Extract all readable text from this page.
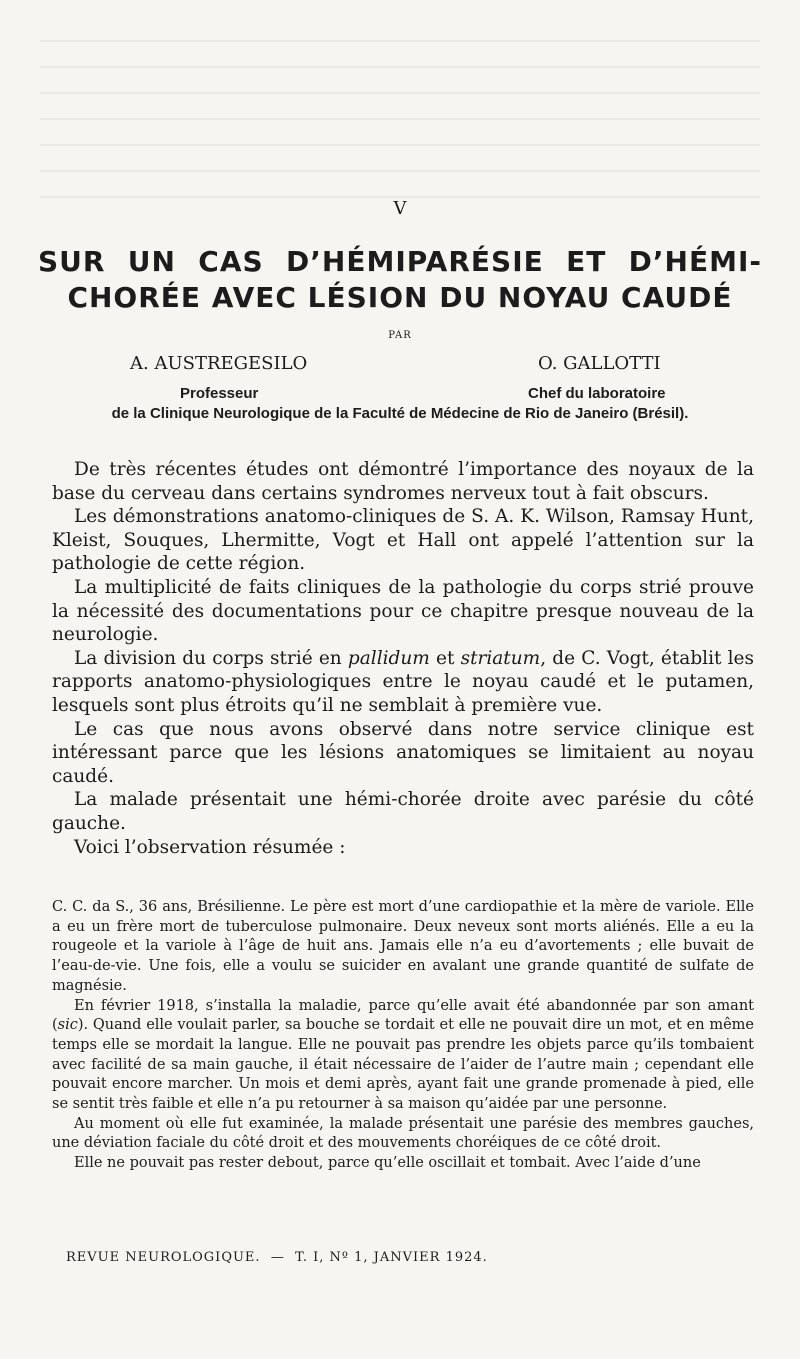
V
SUR UN CAS D’HÉMIPARÉSIE ET D’HÉMI-
CHORÉE AVEC LÉSION DU NOYAU CAUDÉ
PAR
A. AUSTREGESILO	O. GALLOTTI
Professeur	Chef du laboratoire
de la Clinique Neurologique de la Faculté de Médecine de Rio de Janeiro (Brésil).

De très récentes études ont démontré l’importance des noyaux de la base du cerveau dans certains syndromes nerveux tout à fait obscurs.

Les démonstrations anatomo-cliniques de S. A. K. Wilson, Ramsay Hunt, Kleist, Souques, Lhermitte, Vogt et Hall ont appelé l’attention sur la pathologie de cette région.

La multiplicité de faits cliniques de la pathologie du corps strié prouve la nécessité des documentations pour ce chapitre presque nouveau de la neurologie.

La division du corps strié en pallidum et striatum, de C. Vogt, établit les rapports anatomo-physiologiques entre le noyau caudé et le putamen, lesquels sont plus étroits qu’il ne semblait à première vue.

Le cas que nous avons observé dans notre service clinique est intéressant parce que les lésions anatomiques se limitaient au noyau caudé.

La malade présentait une hémi-chorée droite avec parésie du côté gauche.

Voici l’observation résumée :

C. C. da S., 36 ans, Brésilienne. Le père est mort d’une cardiopathie et la mère de variole. Elle a eu un frère mort de tuberculose pulmonaire. Deux neveux sont morts aliénés. Elle a eu la rougeole et la variole à l’âge de huit ans. Jamais elle n’a eu d’avortements ; elle buvait de l’eau-de-vie. Une fois, elle a voulu se suicider en avalant une grande quantité de sulfate de magnésie.

En février 1918, s’installa la maladie, parce qu’elle avait été abandonnée par son amant (sic). Quand elle voulait parler, sa bouche se tordait et elle ne pouvait dire un mot, et en même temps elle se mordait la langue. Elle ne pouvait pas prendre les objets parce qu’ils tombaient avec facilité de sa main gauche, il était nécessaire de l’aider de l’autre main ; cependant elle pouvait encore marcher. Un mois et demi après, ayant fait une grande promenade à pied, elle se sentit très faible et elle n’a pu retourner à sa maison qu’aidée par une personne.

Au moment où elle fut examinée, la malade présentait une parésie des membres gauches, une déviation faciale du côté droit et des mouvements choréiques de ce côté droit.

Elle ne pouvait pas rester debout, parce qu’elle oscillait et tombait. Avec l’aide d’une

REVUE NEUROLOGIQUE.  —  T. I, Nº 1, JANVIER 1924.
